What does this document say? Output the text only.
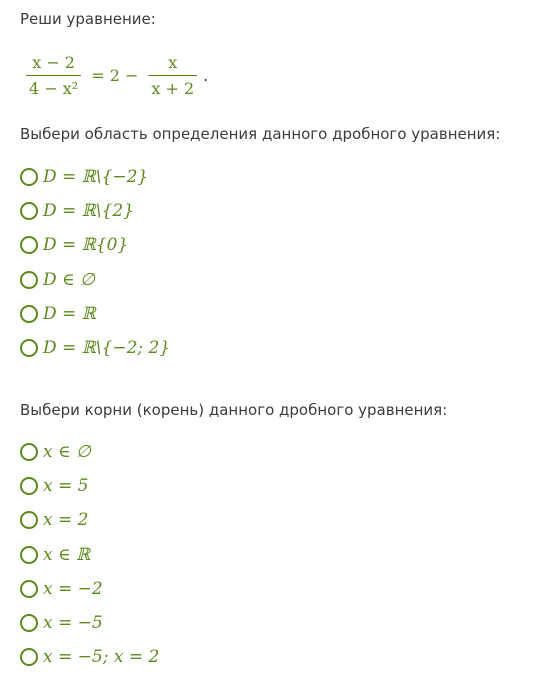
Реши уравнение:
$\frac{x - 2}{\text{4 − x²}} = 2 - \frac{x}{x + 2}$ .
Выбери область определения данного дробного уравнения:
D = ℝ\{−2}
D = ℝ\{2}
D = ℝ{0}
D ∈ ∅
D = ℝ
D = ℝ\{−2; 2}
Выбери корни (корень) данного дробного уравнения:
x ∈ ∅
x = 5
x = 2
x ∈ ℝ
x = −2
x = −5
x = −5; x = 2
